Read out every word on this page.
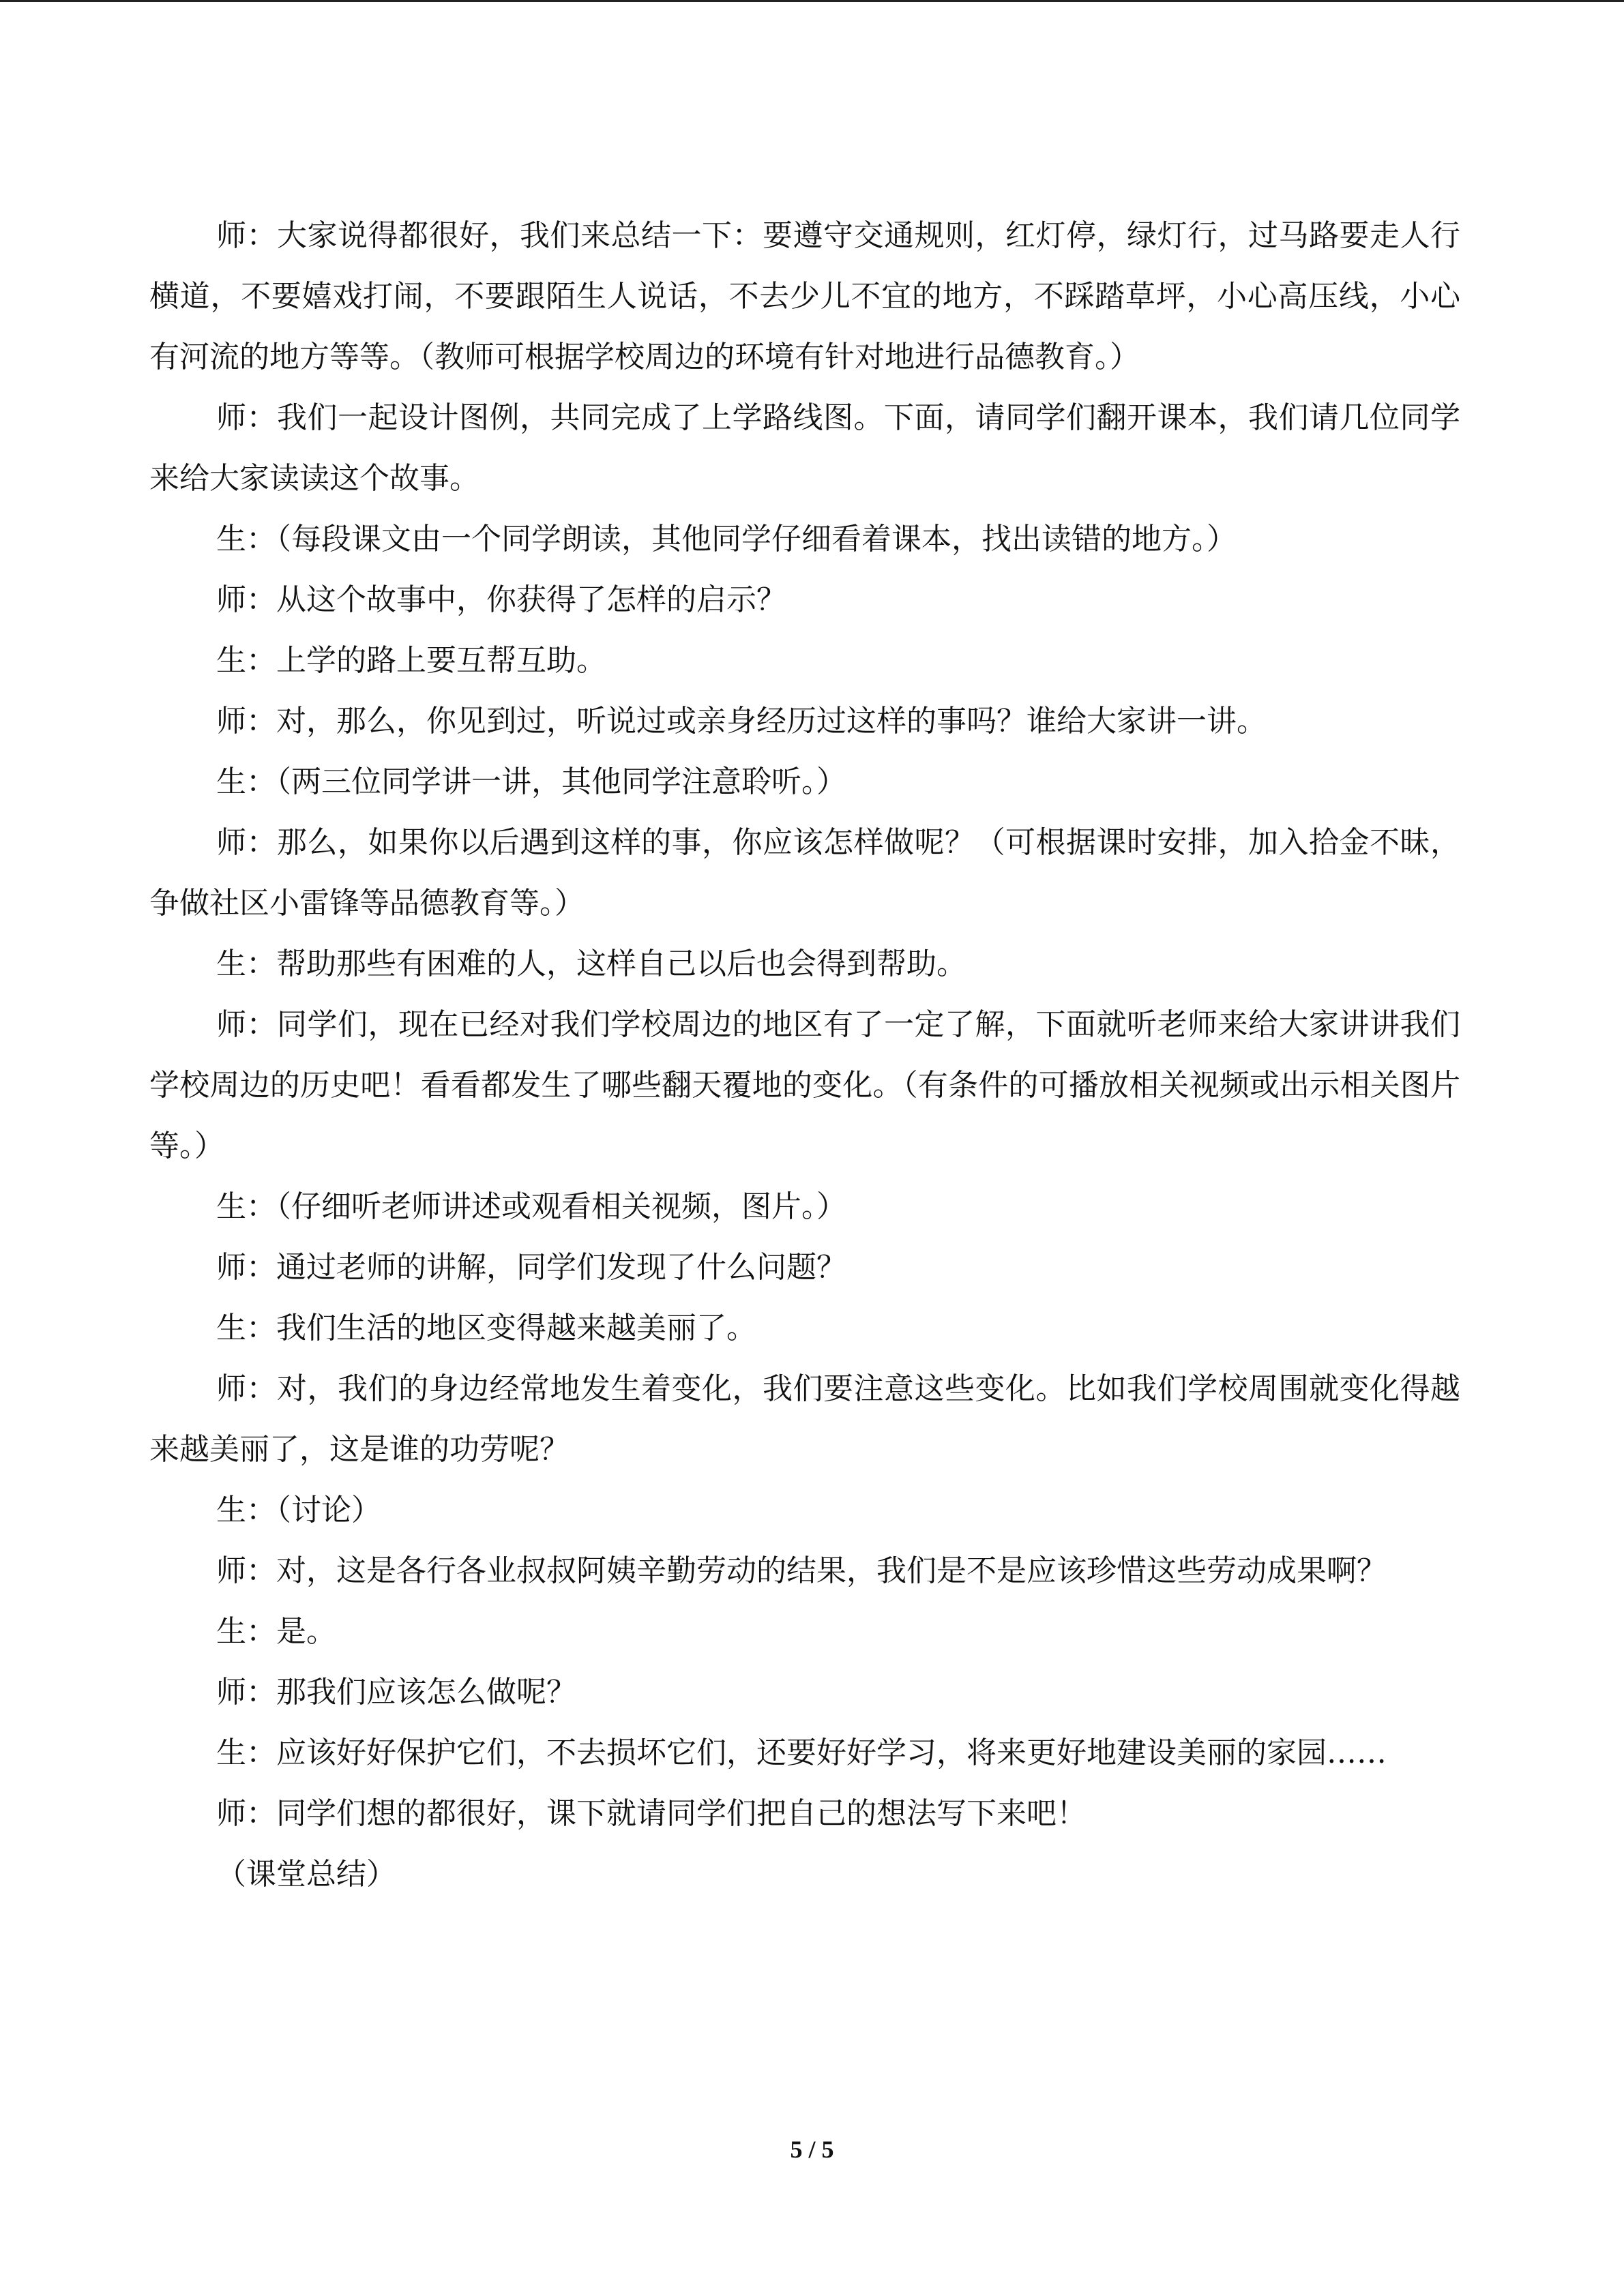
师：大家说得都很好，我们来总结一下：要遵守交通规则，红灯停，绿灯行，过马路要走人行横道，不要嬉戏打闹，不要跟陌生人说话，不去少儿不宜的地方，不踩踏草坪，小心高压线，小心有河流的地方等等。（教师可根据学校周边的环境有针对地进行品德教育。）

师：我们一起设计图例，共同完成了上学路线图。下面，请同学们翻开课本，我们请几位同学来给大家读读这个故事。

生：（每段课文由一个同学朗读，其他同学仔细看着课本，找出读错的地方。）

师：从这个故事中，你获得了怎样的启示？

生：上学的路上要互帮互助。

师：对，那么，你见到过，听说过或亲身经历过这样的事吗？谁给大家讲一讲。

生：（两三位同学讲一讲，其他同学注意聆听。）

师：那么，如果你以后遇到这样的事，你应该怎样做呢？（可根据课时安排，加入拾金不昧，争做社区小雷锋等品德教育等。）

生：帮助那些有困难的人，这样自己以后也会得到帮助。

师：同学们，现在已经对我们学校周边的地区有了一定了解，下面就听老师来给大家讲讲我们学校周边的历史吧！看看都发生了哪些翻天覆地的变化。（有条件的可播放相关视频或出示相关图片等。）

生：（仔细听老师讲述或观看相关视频，图片。）

师：通过老师的讲解，同学们发现了什么问题？

生：我们生活的地区变得越来越美丽了。

师：对，我们的身边经常地发生着变化，我们要注意这些变化。比如我们学校周围就变化得越来越美丽了，这是谁的功劳呢？

生：（讨论）

师：对，这是各行各业叔叔阿姨辛勤劳动的结果，我们是不是应该珍惜这些劳动成果啊？

生：是。

师：那我们应该怎么做呢？

生：应该好好保护它们，不去损坏它们，还要好好学习，将来更好地建设美丽的家园……

师：同学们想的都很好，课下就请同学们把自己的想法写下来吧！

（课堂总结）

5 / 5
